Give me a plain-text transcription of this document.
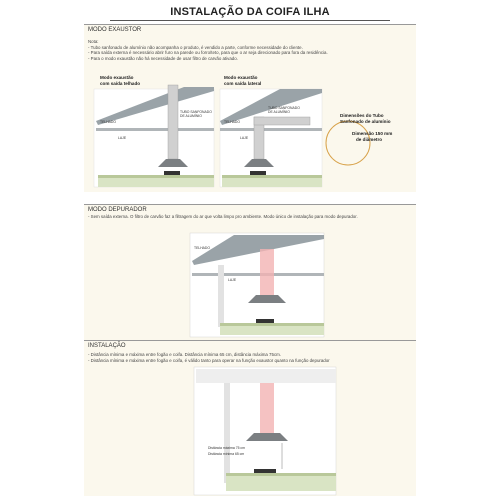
INSTALAÇÃO DA COIFA ILHA
MODO EXAUSTOR
Nota:
- Tubo sanfonado de alumínio não acompanha o produto, é vendido a parte, conforme necessidade do cliente.
- Para saída externa é necessário abrir furo na parede ou forro/teto, para que o ar seja direcionado para fora da residência.
- Para o modo exaustão não há necessidade de usar filtro de carvão ativado.
Modo exaustão
com saída telhado
TELHADO
TUBO SANFONADO
DE ALUMÍNIO
LAJE
Modo exaustão
com saída lateral
TELHADO
TUBO SANFONADO
DE ALUMÍNIO
LAJE
Dimensões do Tubo
Sanfonado de alumínio
Dimensão 150 mm
de diâmetro
MODO DEPURADOR
- Sem saída externa. O filtro de carvão faz a filtragem do ar que volta limpo pro ambiente. Modo único de instalação para modo depurador.
TELHADO
LAJE
INSTALAÇÃO
- Distância mínima e máxima entre fogão e coifa. Distância mínima 65 cm, distância máxima 75cm.
- Distância mínima e máxima entre fogão e coifa, é válido tanto para operar na função exaustor quanto na função depurador
Distância máxima 75 cm
Distância mínima 65 cm
